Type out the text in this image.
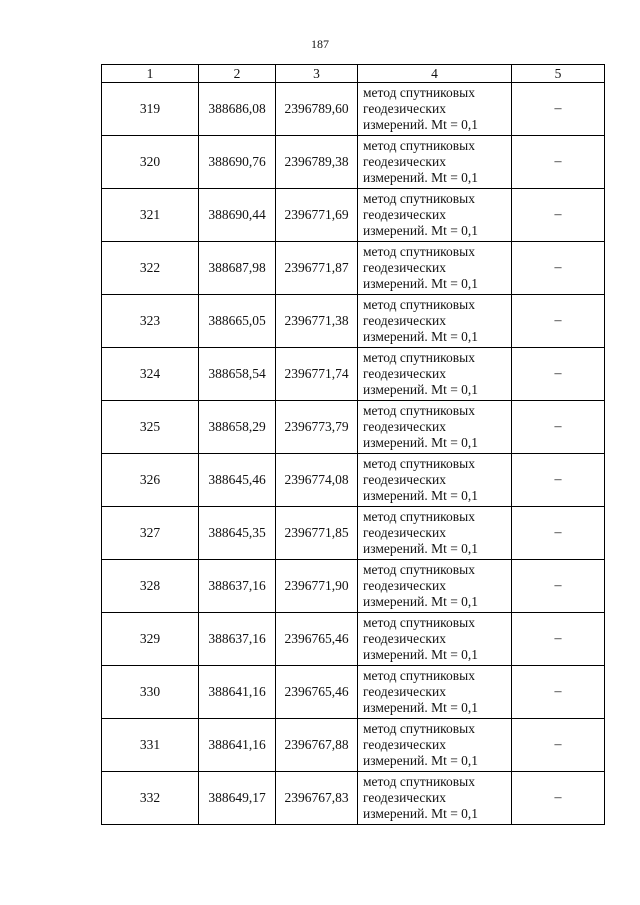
187
1	2	3	4	5
319	388686,08	2396789,60	метод спутниковых
геодезических
измерений. Mt = 0,1	–
320	388690,76	2396789,38	метод спутниковых
геодезических
измерений. Mt = 0,1	–
321	388690,44	2396771,69	метод спутниковых
геодезических
измерений. Mt = 0,1	–
322	388687,98	2396771,87	метод спутниковых
геодезических
измерений. Mt = 0,1	–
323	388665,05	2396771,38	метод спутниковых
геодезических
измерений. Mt = 0,1	–
324	388658,54	2396771,74	метод спутниковых
геодезических
измерений. Mt = 0,1	–
325	388658,29	2396773,79	метод спутниковых
геодезических
измерений. Mt = 0,1	–
326	388645,46	2396774,08	метод спутниковых
геодезических
измерений. Mt = 0,1	–
327	388645,35	2396771,85	метод спутниковых
геодезических
измерений. Mt = 0,1	–
328	388637,16	2396771,90	метод спутниковых
геодезических
измерений. Mt = 0,1	–
329	388637,16	2396765,46	метод спутниковых
геодезических
измерений. Mt = 0,1	–
330	388641,16	2396765,46	метод спутниковых
геодезических
измерений. Mt = 0,1	–
331	388641,16	2396767,88	метод спутниковых
геодезических
измерений. Mt = 0,1	–
332	388649,17	2396767,83	метод спутниковых
геодезических
измерений. Mt = 0,1	–
